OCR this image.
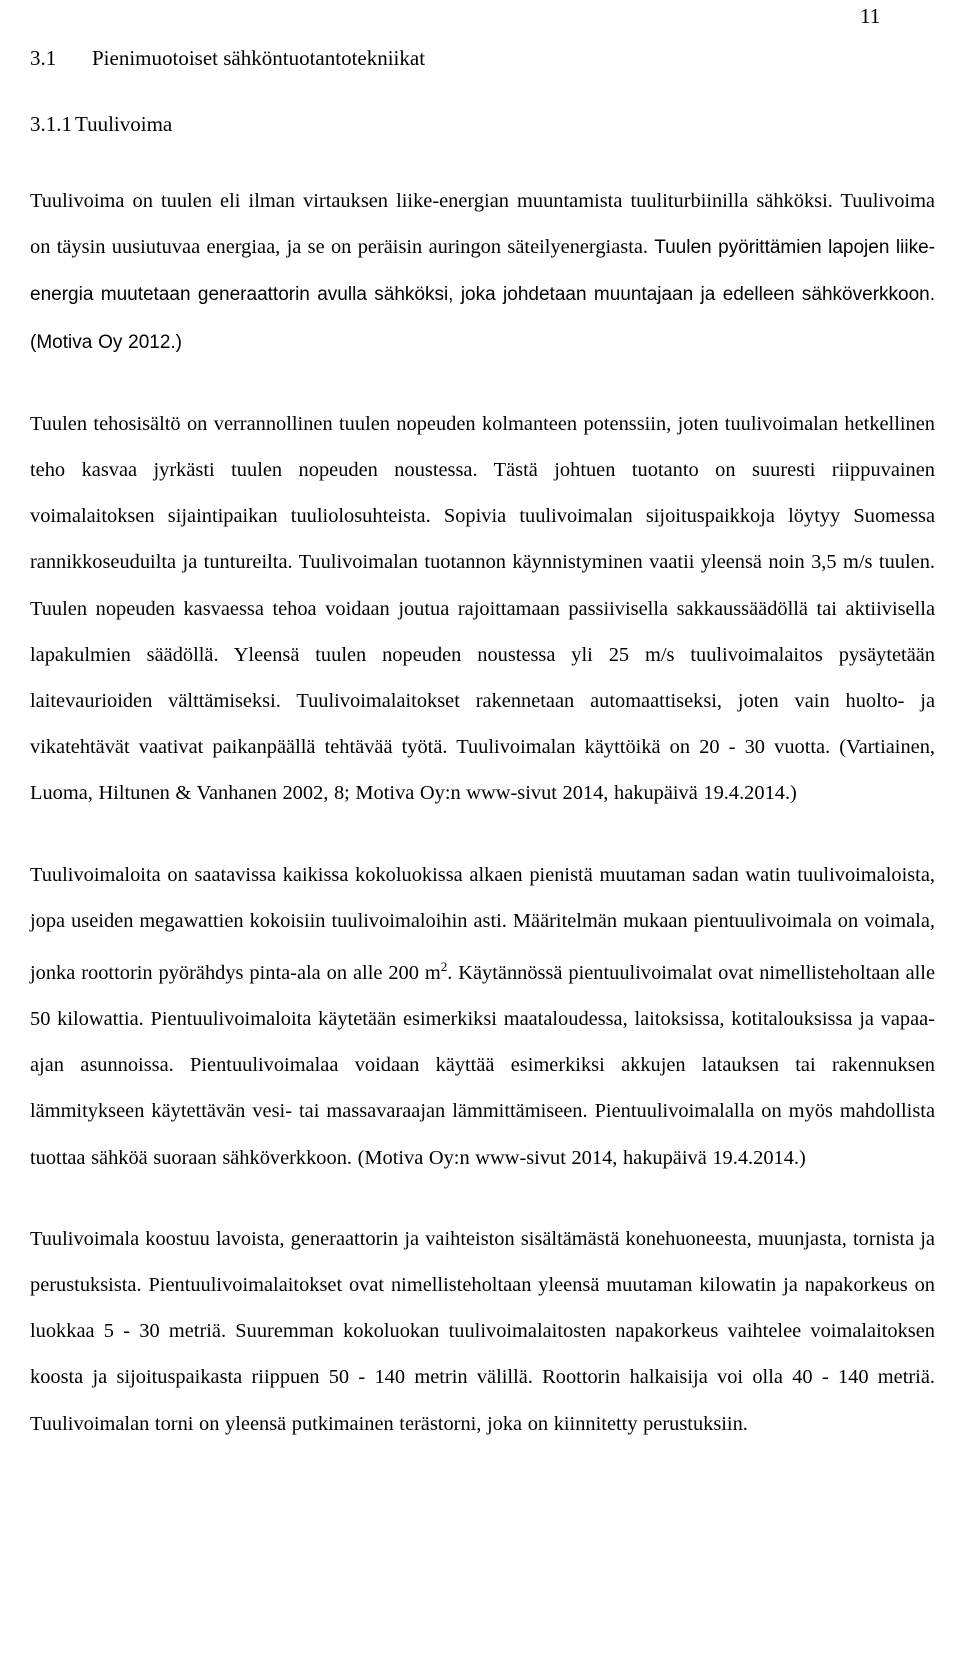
11
3.1 Pienimuotoiset sähköntuotantotekniikat
3.1.1 Tuulivoima

Tuulivoima on tuulen eli ilman virtauksen liike-energian muuntamista tuuliturbiinilla sähköksi. Tuulivoima on täysin uusiutuvaa energiaa, ja se on peräisin auringon säteilyenergiasta. Tuulen pyörittämien lapojen liike-energia muutetaan generaattorin avulla sähköksi, joka johdetaan muuntajaan ja edelleen sähköverkkoon. (Motiva Oy 2012.)

Tuulen tehosisältö on verrannollinen tuulen nopeuden kolmanteen potenssiin, joten tuulivoimalan hetkellinen teho kasvaa jyrkästi tuulen nopeuden noustessa. Tästä johtuen tuotanto on suuresti riippuvainen voimalaitoksen sijaintipaikan tuuliolosuhteista. Sopivia tuulivoimalan sijoituspaikkoja löytyy Suomessa rannikkoseuduilta ja tuntureilta. Tuulivoimalan tuotannon käynnistyminen vaatii yleensä noin 3,5 m/s tuulen. Tuulen nopeuden kasvaessa tehoa voidaan joutua rajoittamaan passiivisella sakkaussäädöllä tai aktiivisella lapakulmien säädöllä. Yleensä tuulen nopeuden noustessa yli 25 m/s tuulivoimalaitos pysäytetään laitevaurioiden välttämiseksi. Tuulivoimalaitokset rakennetaan automaattiseksi, joten vain huolto- ja vikatehtävät vaativat paikanpäällä tehtävää työtä. Tuulivoimalan käyttöikä on 20 - 30 vuotta. (Vartiainen, Luoma, Hiltunen & Vanhanen 2002, 8; Motiva Oy:n www-sivut 2014, hakupäivä 19.4.2014.)

Tuulivoimaloita on saatavissa kaikissa kokoluokissa alkaen pienistä muutaman sadan watin tuulivoimaloista, jopa useiden megawattien kokoisiin tuulivoimaloihin asti. Määritelmän mukaan pientuulivoimala on voimala, jonka roottorin pyörähdys pinta-ala on alle 200 $m^2$. Käytännössä pientuulivoimalat ovat nimellisteholtaan alle 50 kilowattia. Pientuulivoimaloita käytetään esimerkiksi maataloudessa, laitoksissa, kotitalouksissa ja vapaa-ajan asunnoissa. Pientuulivoimalaa voidaan käyttää esimerkiksi akkujen latauksen tai rakennuksen lämmitykseen käytettävän vesi- tai massavaraajan lämmittämiseen. Pientuulivoimalalla on myös mahdollista tuottaa sähköä suoraan sähköverkkoon. (Motiva Oy:n www-sivut 2014, hakupäivä 19.4.2014.)

Tuulivoimala koostuu lavoista, generaattorin ja vaihteiston sisältämästä konehuoneesta, muunjasta, tornista ja perustuksista. Pientuulivoimalaitokset ovat nimellisteholtaan yleensä muutaman kilowatin ja napakorkeus on luokkaa 5 - 30 metriä. Suuremman kokoluokan tuulivoimalaitosten napakorkeus vaihtelee voimalaitoksen koosta ja sijoituspaikasta riippuen 50 - 140 metrin välillä. Roottorin halkaisija voi olla 40 - 140 metriä. Tuulivoimalan torni on yleensä putkimainen terästorni, joka on kiinnitetty perustuksiin.
